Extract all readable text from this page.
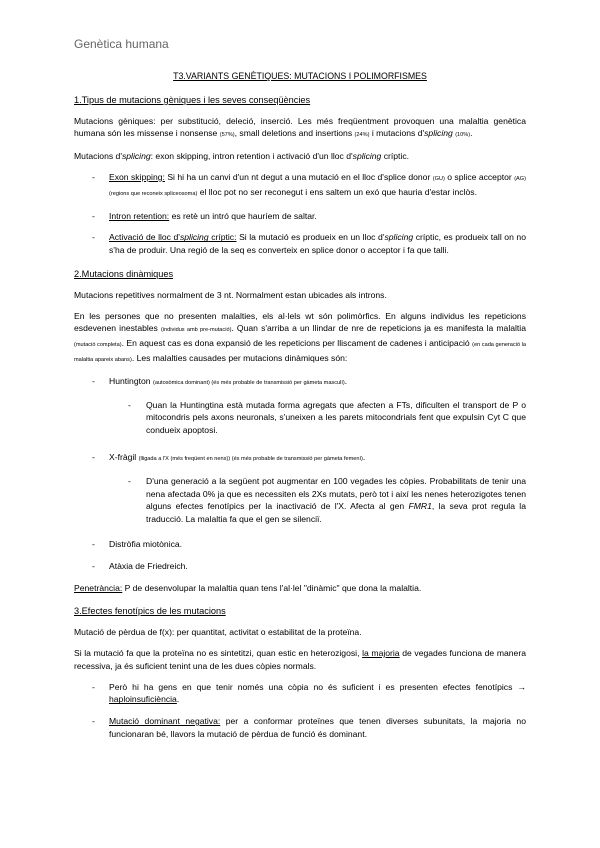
Genètica humana
T3.VARIANTS GENÈTIQUES: MUTACIONS I POLIMORFISMES
1.Tipus de mutacions gèniques i les seves conseqüències
Mutacions gèniques: per substitució, deleció, inserció. Les més freqüentment provoquen una malaltia genètica humana són les missense i nonsense (57%), small deletions and insertions (24%) i mutacions d'splicing (10%).
Mutacions d'splicing: exon skipping, intron retention i activació d'un lloc d'splicing críptic.
- Exon skipping: Si hi ha un canvi d'un nt degut a una mutació en el lloc d'splice donor (GU) o splice acceptor (AG) (regions que reconeix spliceosoma) el lloc pot no ser reconegut i ens saltem un exó que hauria d'estar inclòs.
- Intron retention: es retè un intró que hauríem de saltar.
- Activació de lloc d'splicing críptic: Si la mutació es produeix en un lloc d'splicing críptic, es produeix tall on no s'ha de produir. Una regió de la seq es converteix en splice donor o acceptor i fa que talli.
2.Mutacions dinàmiques
Mutacions repetitives normalment de 3 nt. Normalment estan ubicades als introns.
En les persones que no presenten malalties, els al·lels wt són polimòrfics. En alguns individus les repeticions esdevenen inestables (individus amb pre-mutació). Quan s'arriba a un llindar de nre de repeticions ja es manifesta la malaltia (mutació completa). En aquest cas es dona expansió de les repeticions per lliscament de cadenes i anticipació (en cada generació la malaltia apareix abans). Les malalties causades per mutacions dinàmiques són:
- Huntington (autosòmica dominant) (és més probable de transmissió per gàmeta masculí).
- Quan la Huntingtina està mutada forma agregats que afecten a FTs, dificulten el transport de P o mitocondris pels axons neuronals, s'uneixen a les parets mitocondrials fent que expulsin Cyt C que condueix apoptosi.
- X-fràgil (lligada a l'X (més freqüent en nens)) (és més probable de transmissió per gàmeta femení).
- D'una generació a la següent pot augmentar en 100 vegades les còpies. Probabilitats de tenir una nena afectada 0% ja que es necessiten els 2Xs mutats, però tot i així les nenes heterozigotes tenen alguns efectes fenotípics per la inactivació de l'X. Afecta al gen FMR1, la seva prot regula la traducció. La malaltia fa que el gen se silenciï.
- Distròfia miotònica.
- Atàxia de Friedreich.
Penetrància: P de desenvolupar la malaltia quan tens l'al·lel "dinàmic" que dona la malaltia.
3.Efectes fenotípics de les mutacions
Mutació de pèrdua de f(x): per quantitat, activitat o estabilitat de la proteïna.
Si la mutació fa que la proteïna no es sintetitzi, quan estic en heterozigosi, la majoria de vegades funciona de manera recessiva, ja és suficient tenint una de les dues còpies normals.
- Però hi ha gens en que tenir només una còpia no és suficient i es presenten efectes fenotípics → haploinsuficiència.
- Mutació dominant negativa: per a conformar proteïnes que tenen diverses subunitats, la majoria no funcionaran bé, llavors la mutació de pèrdua de funció és dominant.
